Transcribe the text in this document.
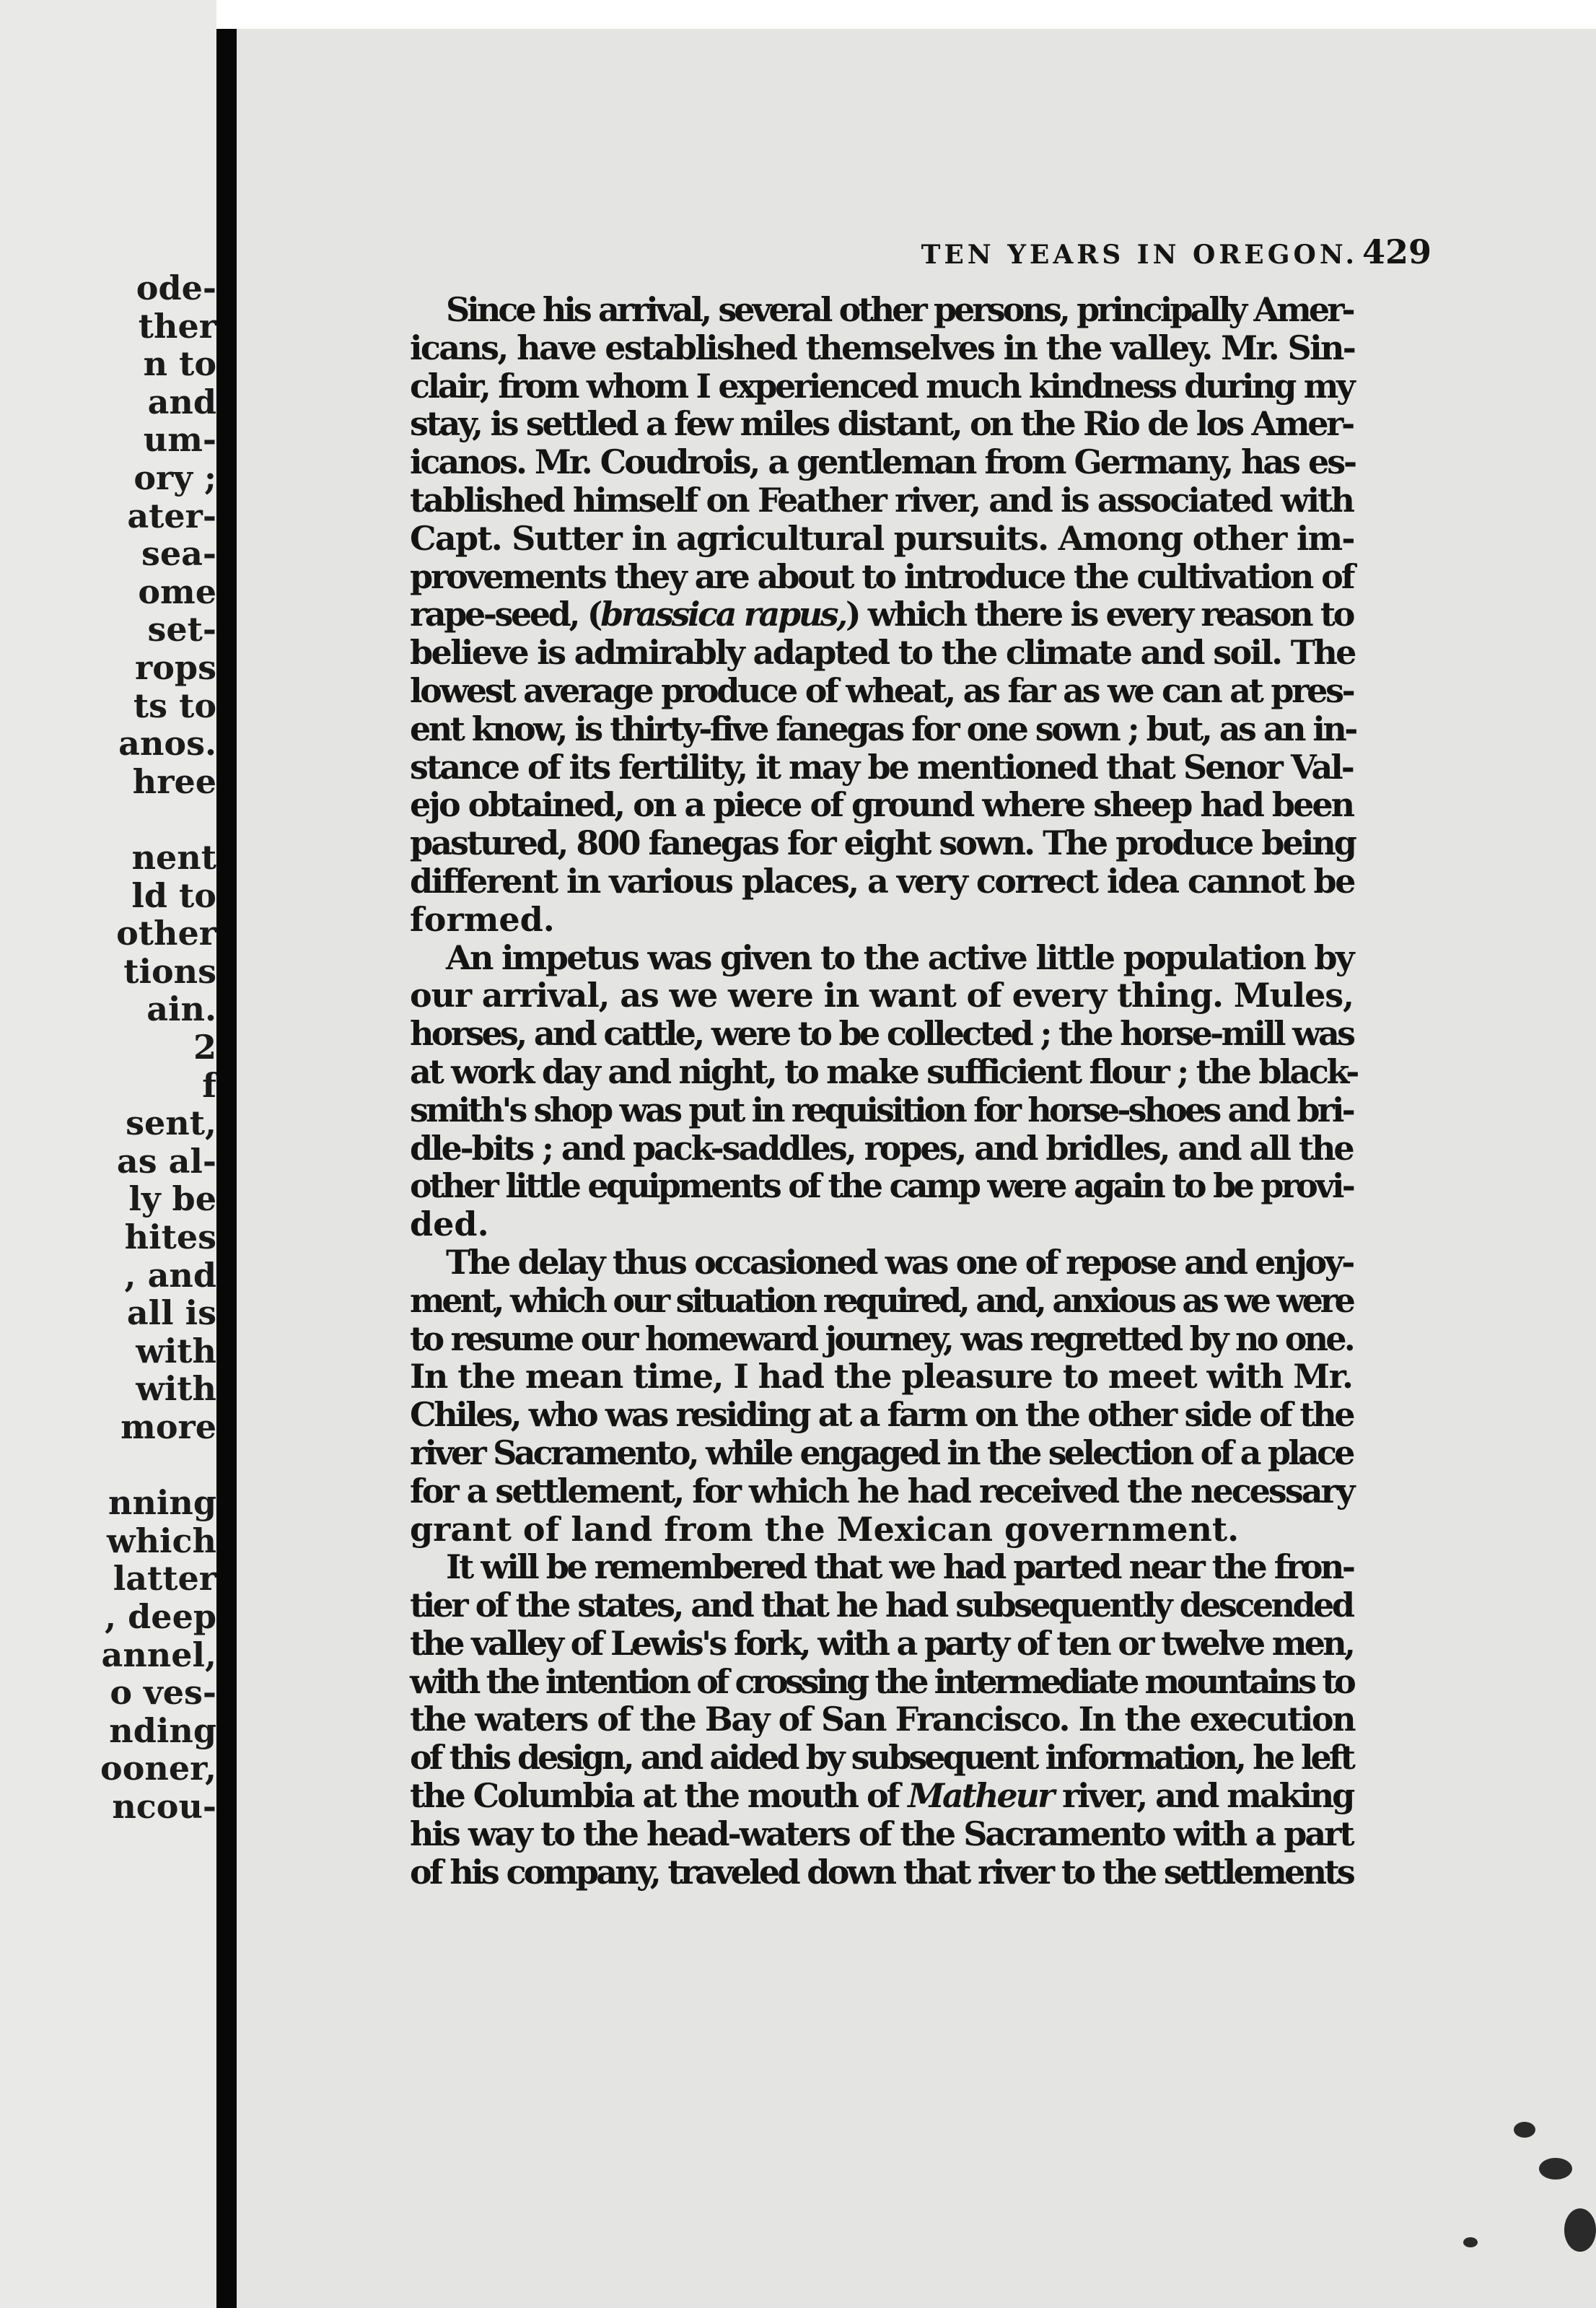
ode-
ther
n to
and
um-
ory ;
ater-
sea-
ome
set-
rops
ts to
anos.
hree
nent
ld to
other
tions
ain.
2
f
sent,
as al-
ly be
hites
, and
all is
with
with
more
nning
which
latter
, deep
annel,
o ves-
nding
ooner,
ncou-
TEN YEARS IN OREGON. 429
Since his arrival, several other persons, principally Amer-
icans, have established themselves in the valley. Mr. Sin-
clair, from whom I experienced much kindness during my
stay, is settled a few miles distant, on the Rio de los Amer-
icanos. Mr. Coudrois, a gentleman from Germany, has es-
tablished himself on Feather river, and is associated with
Capt. Sutter in agricultural pursuits. Among other im-
provements they are about to introduce the cultivation of
rape-seed, (brassica rapus,) which there is every reason to
believe is admirably adapted to the climate and soil. The
lowest average produce of wheat, as far as we can at pres-
ent know, is thirty-five fanegas for one sown ; but, as an in-
stance of its fertility, it may be mentioned that Senor Val-
ejo obtained, on a piece of ground where sheep had been
pastured, 800 fanegas for eight sown. The produce being
different in various places, a very correct idea cannot be
formed.
An impetus was given to the active little population by
our arrival, as we were in want of every thing. Mules,
horses, and cattle, were to be collected ; the horse-mill was
at work day and night, to make sufficient flour ; the black-
smith's shop was put in requisition for horse-shoes and bri-
dle-bits ; and pack-saddles, ropes, and bridles, and all the
other little equipments of the camp were again to be provi-
ded.
The delay thus occasioned was one of repose and enjoy-
ment, which our situation required, and, anxious as we were
to resume our homeward journey, was regretted by no one.
In the mean time, I had the pleasure to meet with Mr.
Chiles, who was residing at a farm on the other side of the
river Sacramento, while engaged in the selection of a place
for a settlement, for which he had received the necessary
grant of land from the Mexican government.
It will be remembered that we had parted near the fron-
tier of the states, and that he had subsequently descended
the valley of Lewis's fork, with a party of ten or twelve men,
with the intention of crossing the intermediate mountains to
the waters of the Bay of San Francisco. In the execution
of this design, and aided by subsequent information, he left
the Columbia at the mouth of Matheur river, and making
his way to the head-waters of the Sacramento with a part
of his company, traveled down that river to the settlements
